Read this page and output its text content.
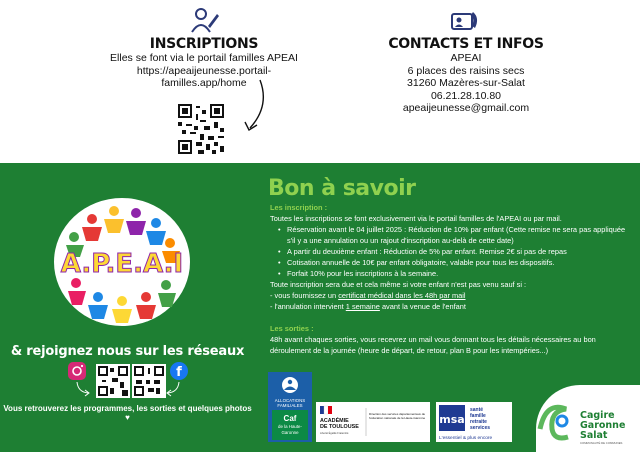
INSCRIPTIONS
Elles se font via le portail familles APEAI
https://apeaijeunesse.portail-
familles.app/home
CONTACTS ET INFOS
APEAI
6 places des raisins secs
31260 Mazères-sur-Salat
06.21.28.10.80
apeaijeunesse@gmail.com
A.P.E.A.I
& rejoignez nous sur les réseaux
f
Vous retrouverez les programmes, les sorties et quelques photos ♥
Bon à savoir
Les inscription :
Toutes les inscriptions se font exclusivement via le portail familles de l'APEAI ou par mail.
• Réservation avant le 04 juillet 2025 : Réduction de 10% par enfant (Cette remise ne sera pas appliquée s'il y a une annulation ou un rajout d'inscription au-delà de cette date)
• A partir du deuxième enfant : Réduction de 5% par enfant. Remise 2€ si pas de repas
• Cotisation annuelle de 10€ par enfant obligatoire, valable pour tous les dispositifs.
• Forfait 10% pour les inscriptions à la semaine.
Toute inscription sera due et cela même si votre enfant n'est pas venu sauf si :
- vous fournissez un certificat médical dans les 48h par mail
- l'annulation intervient 1 semaine avant la venue de l'enfant
Les sorties :
48h avant chaques sorties, vous recevrez un mail vous donnant tous les détails nécessaires au bon déroulement de la journée (heure de départ, de retour, plan B pour les intempéries...)
ALLOCATIONS
FAMILIALES
Caf
de la Haute-
Garonne
ACADÉMIE
DE TOULOUSE
Liberté Égalité Fraternité
Direction des services départementaux de l'éducation nationale de la Haute-Garonne msa
santé
famille
retraite
services
L'essentiel & plus encore
Cagire
Garonne
Salat
COMMUNAUTÉ DE COMMUNES
